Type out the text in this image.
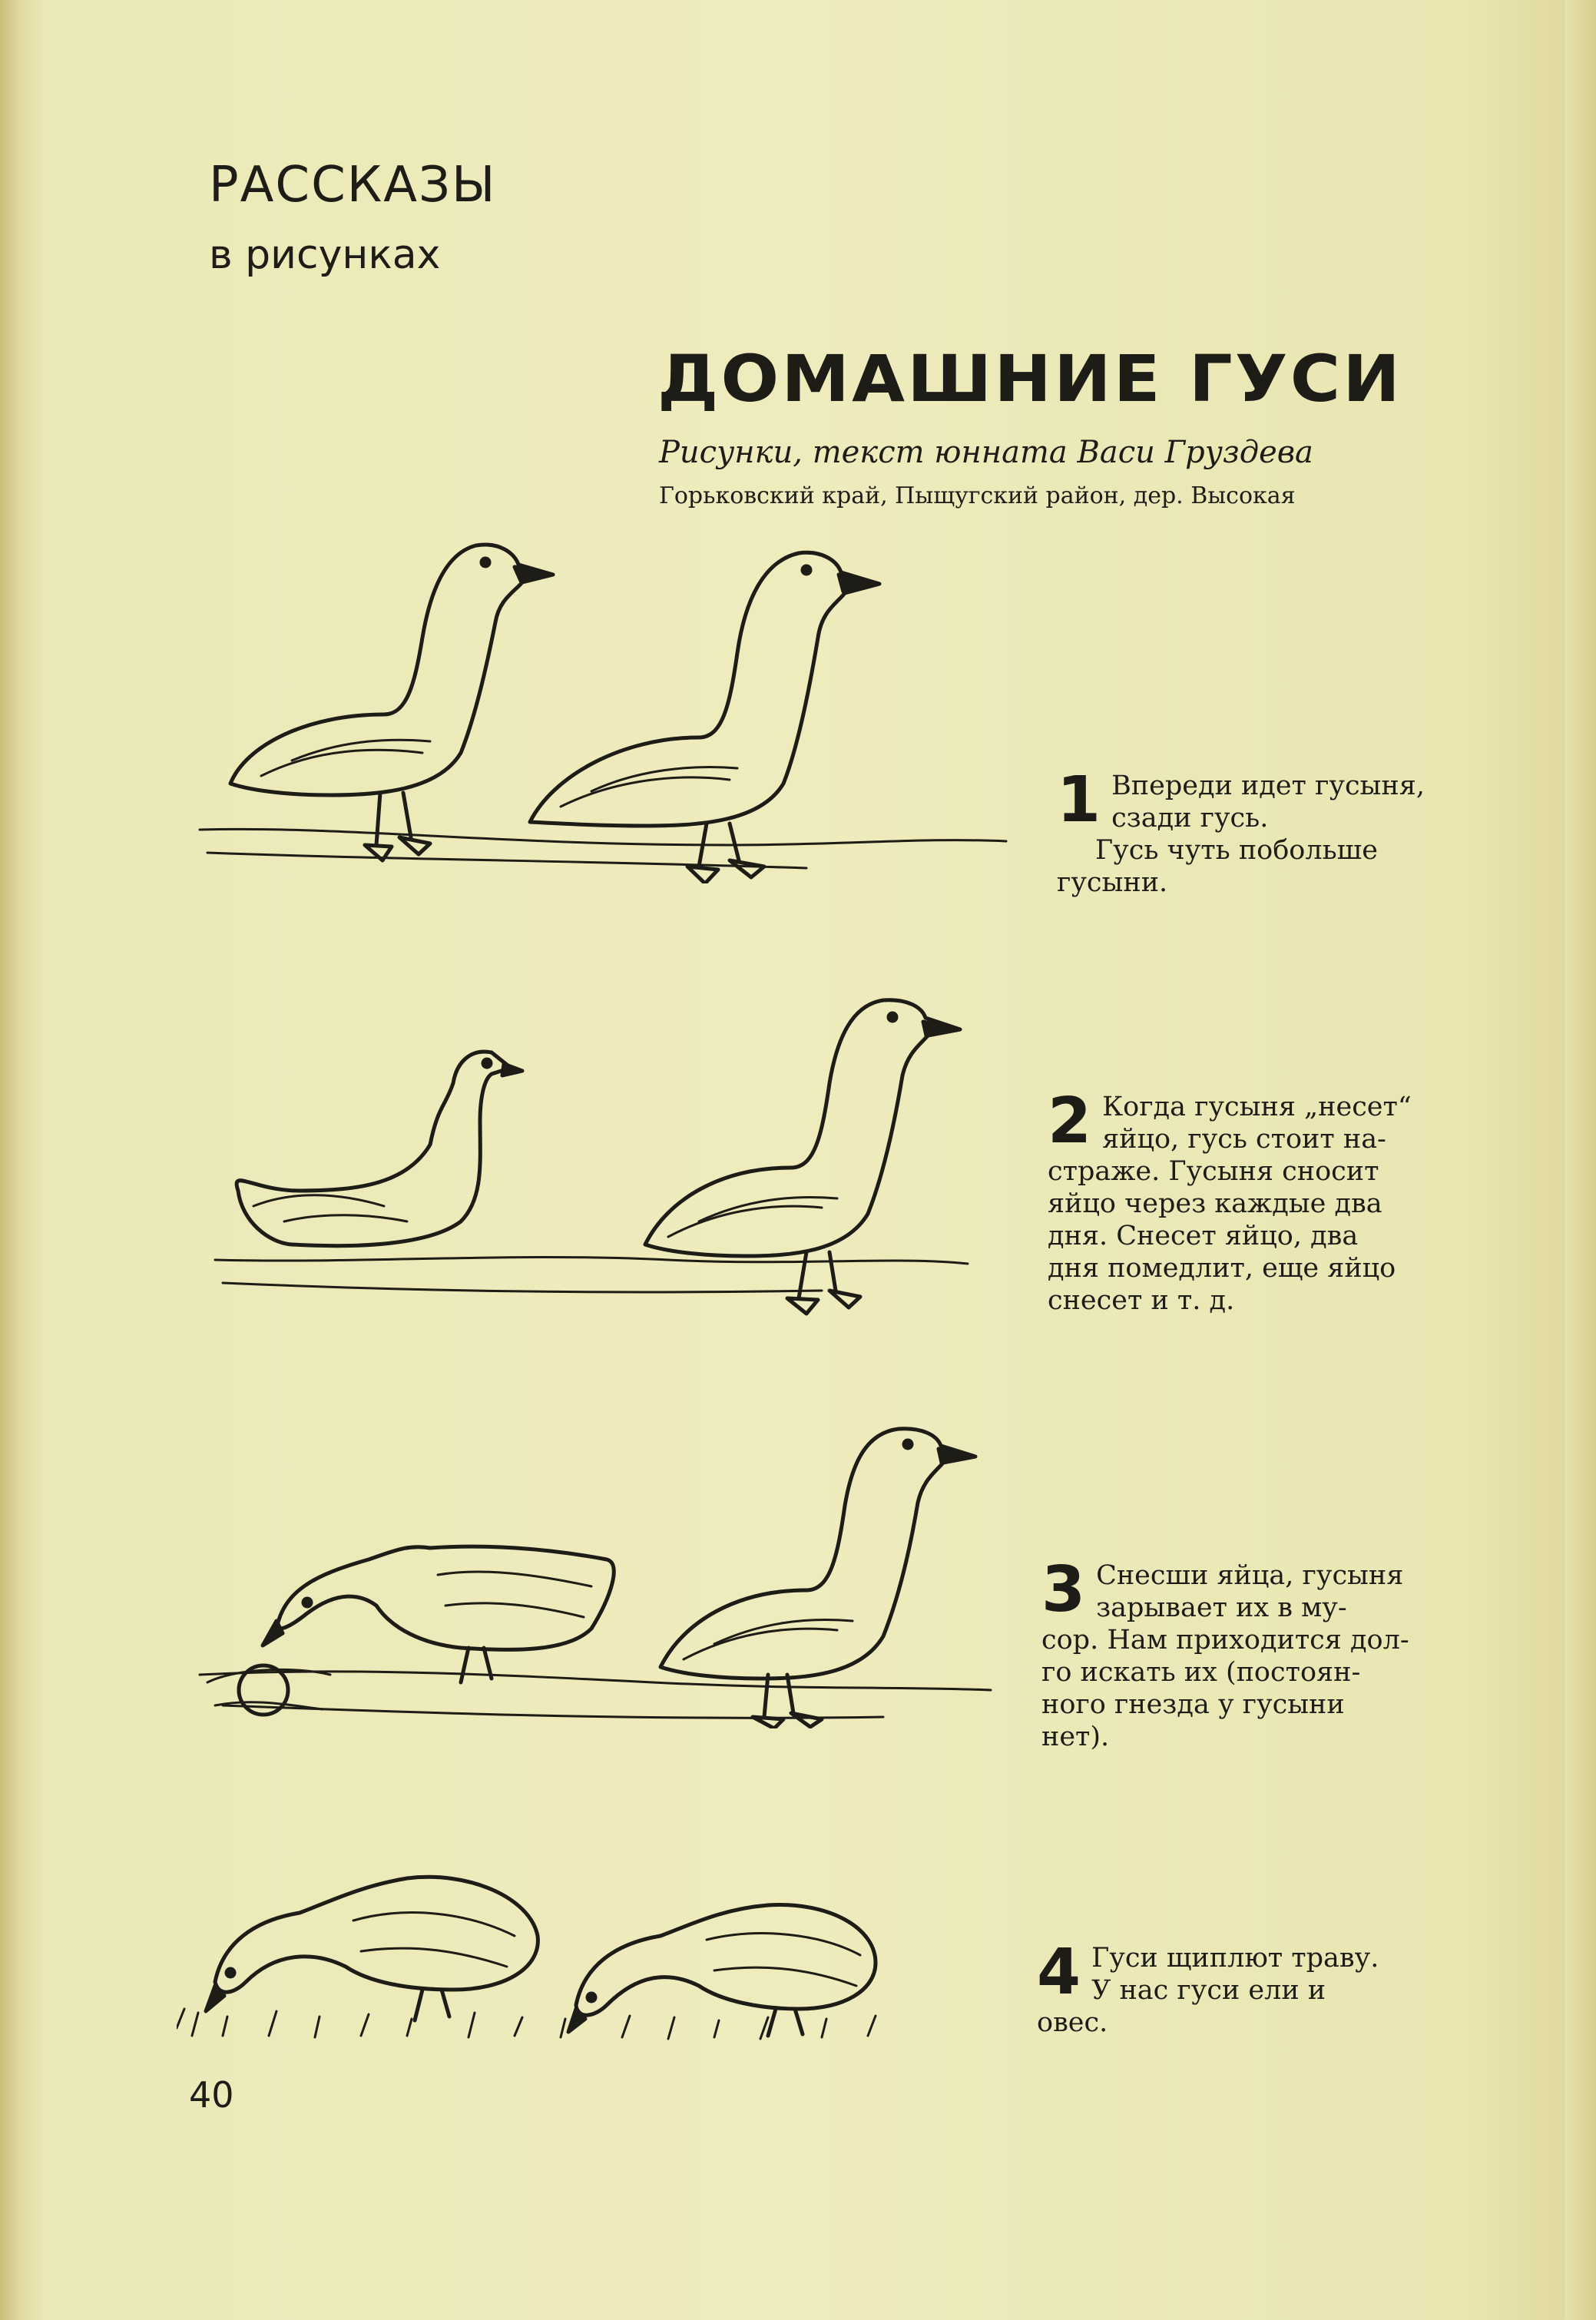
РАССКАЗЫ
в рисунках
ДОМАШНИЕ ГУСИ
Рисунки, текст юнната Васи Груздева
Горьковский край, Пыщугский район, дер. Высокая
1 Впереди идет гусыня,
сзади гусь.
Гусь чуть побольше
гусыни.
2 Когда гусыня „несет“
яйцо, гусь стоит на-
страже. Гусыня сносит
яйцо через каждые два
дня. Снесет яйцо, два
дня помедлит, еще яйцо
снесет и т. д.
3 Снесши яйца, гусыня
зарывает их в му-
сор. Нам приходится дол-
го искать их (постоян-
ного гнезда у гусыни
нет).
4 Гуси щиплют траву.
У нас гуси ели и
овес.
40
